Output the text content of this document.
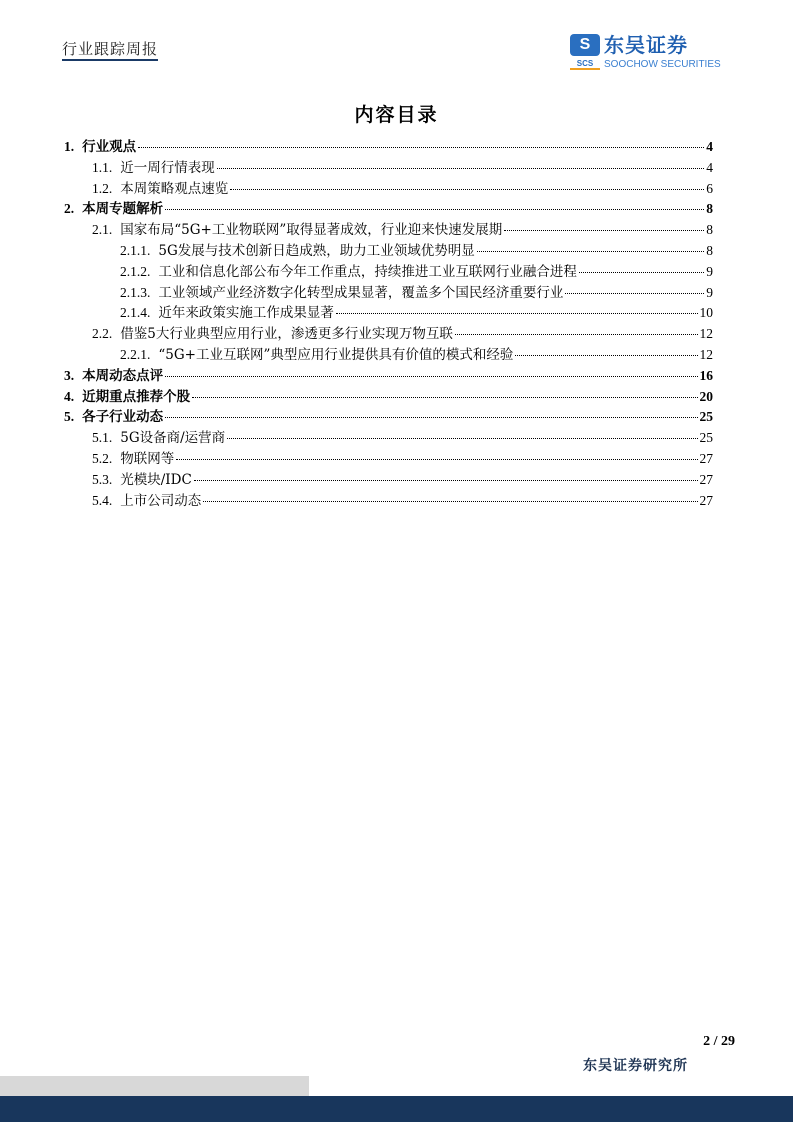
行业跟踪周报	S
SCS
东吴证券
SOOCHOW SECURITIES
内容目录
1. 行业观点	4
1.1. 近一周行情表现	4
1.2. 本周策略观点速览	6
2. 本周专题解析	8
2.1. 国家布局“5G+工业物联网”取得显著成效，行业迎来快速发展期	8
2.1.1. 5G发展与技术创新日趋成熟，助力工业领域优势明显	8
2.1.2. 工业和信息化部公布今年工作重点，持续推进工业互联网行业融合进程	9
2.1.3. 工业领域产业经济数字化转型成果显著，覆盖多个国民经济重要行业	9
2.1.4. 近年来政策实施工作成果显著	10
2.2. 借鉴5大行业典型应用行业，渗透更多行业实现万物互联	12
2.2.1. “5G+工业互联网”典型应用行业提供具有价值的模式和经验	12
3. 本周动态点评	16
4. 近期重点推荐个股	20
5. 各子行业动态	25
5.1. 5G设备商/运营商	25
5.2. 物联网等	27
5.3. 光模块/IDC	27
5.4. 上市公司动态	27
2 / 29
东吴证券研究所
